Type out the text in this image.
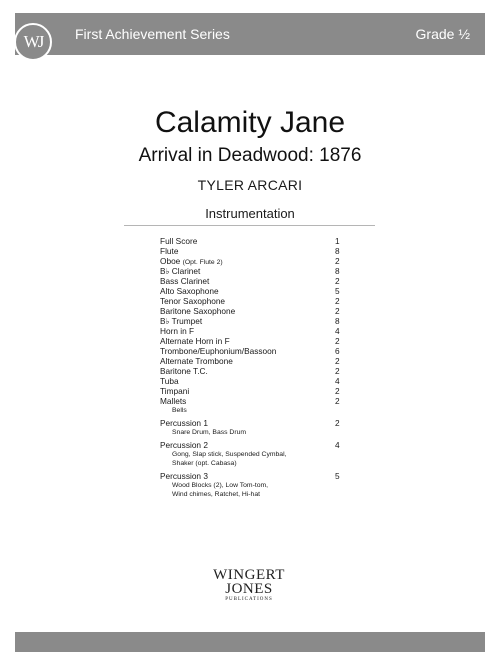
WJ	First Achievement Series	Grade ½
Calamity Jane
Arrival in Deadwood: 1876
TYLER ARCARI
Instrumentation
Full Score	1
Flute	8
Oboe (Opt. Flute 2)	2
B♭ Clarinet	8
Bass Clarinet	2
Alto Saxophone	5
Tenor Saxophone	2
Baritone Saxophone	2
B♭ Trumpet	8
Horn in F	4
Alternate Horn in F	2
Trombone/Euphonium/Bassoon	6
Alternate Trombone	2
Baritone T.C.	2
Tuba	4
Timpani	2
Mallets	2
Bells
Percussion 1	2
Snare Drum, Bass Drum
Percussion 2	4
Gong, Slap stick, Suspended Cymbal,
Shaker (opt. Cabasa)
Percussion 3	5
Wood Blocks (2), Low Tom-tom,
Wind chimes, Ratchet, Hi-hat
WINGERT
JONES
PUBLICATIONS
